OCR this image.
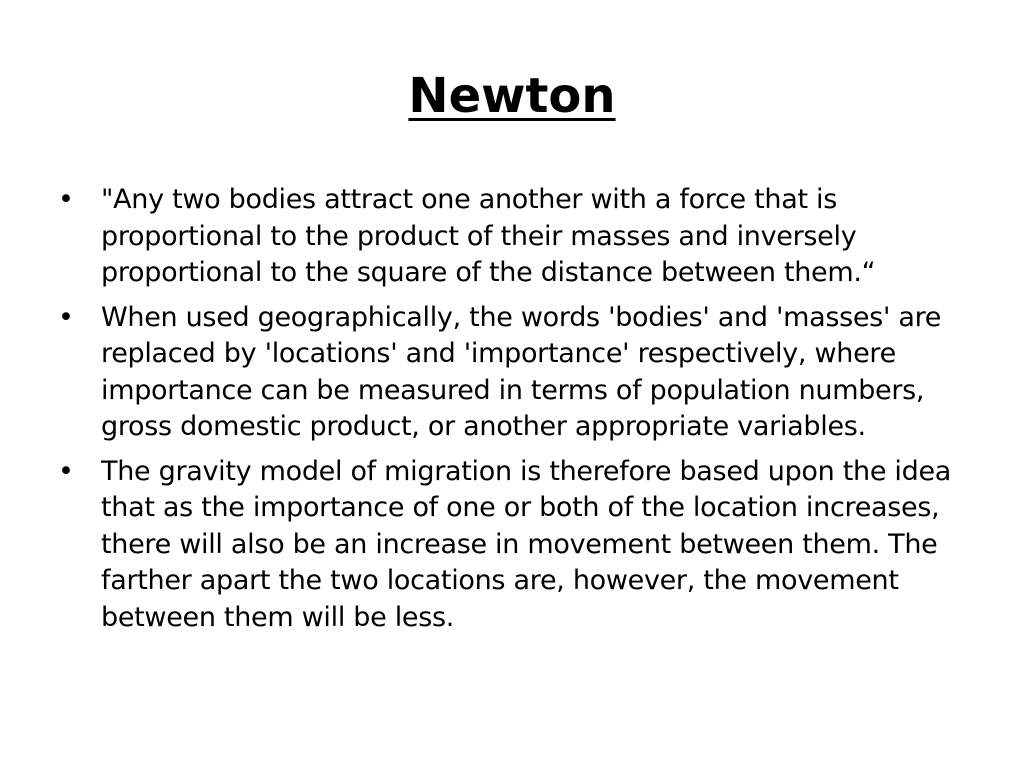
Newton
• "Any two bodies attract one another with a force that is proportional to the product of their masses and inversely proportional to the square of the distance between them.“
• When used geographically, the words 'bodies' and 'masses' are replaced by 'locations' and 'importance' respectively, where importance can be measured in terms of population numbers, gross domestic product, or another appropriate variables.
• The gravity model of migration is therefore based upon the idea that as the importance of one or both of the location increases, there will also be an increase in movement between them. The farther apart the two locations are, however, the movement between them will be less.
